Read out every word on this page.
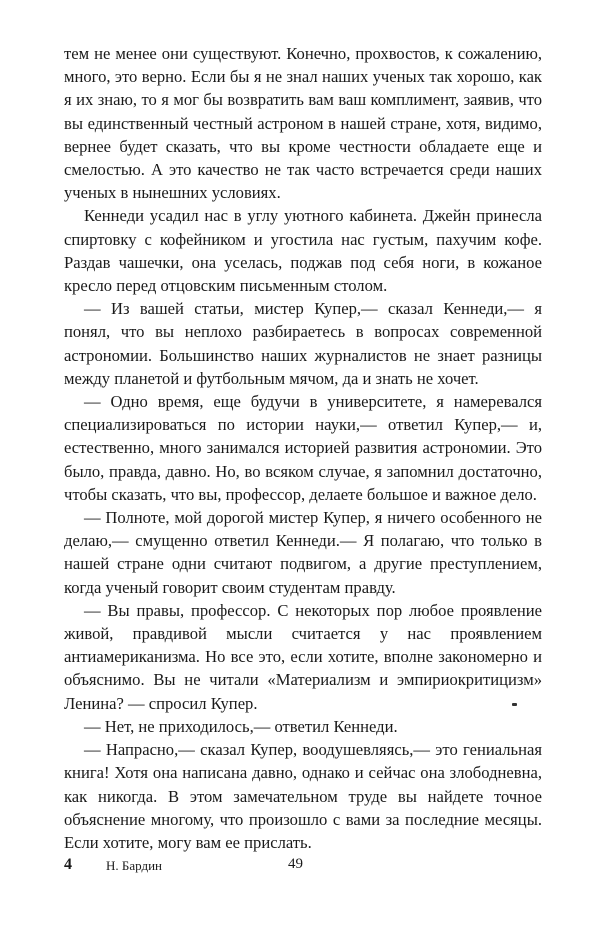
тем не менее они существуют. Конечно, прохвостов, к сожалению, много, это верно. Если бы я не знал наших ученых так хорошо, как я их знаю, то я мог бы возвратить вам ваш комплимент, заявив, что вы единственный честный астроном в нашей стране, хотя, видимо, вернее будет сказать, что вы кроме честности обладаете еще и смелостью. А это качество не так часто встречается среди наших ученых в нынешних условиях.

Кеннеди усадил нас в углу уютного кабинета. Джейн принесла спиртовку с кофейником и угостила нас густым, пахучим кофе. Раздав чашечки, она уселась, поджав под себя ноги, в кожаное кресло перед отцовским письменным столом.

— Из вашей статьи, мистер Купер,— сказал Кеннеди,— я понял, что вы неплохо разбираетесь в вопросах современной астрономии. Большинство наших журналистов не знает разницы между планетой и футбольным мячом, да и знать не хочет.

— Одно время, еще будучи в университете, я намеревался специализироваться по истории науки,— ответил Купер,— и, естественно, много занимался историей развития астрономии. Это было, правда, давно. Но, во всяком случае, я запомнил достаточно, чтобы сказать, что вы, профессор, делаете большое и важное дело.

— Полноте, мой дорогой мистер Купер, я ничего особенного не делаю,— смущенно ответил Кеннеди.— Я полагаю, что только в нашей стране одни считают подвигом, а другие преступлением, когда ученый говорит своим студентам правду.

— Вы правы, профессор. С некоторых пор любое проявление живой, правдивой мысли считается у нас проявлением антиамериканизма. Но все это, если хотите, вполне закономерно и объяснимо. Вы не читали «Материализм и эмпириокритицизм» Ленина? — спросил Купер.

— Нет, не приходилось,— ответил Кеннеди.

— Напрасно,— сказал Купер, воодушевляясь,— это гениальная книга! Хотя она написана давно, однако и сейчас она злободневна, как никогда. В этом замечательном труде вы найдете точное объяснение многому, что произошло с вами за последние месяцы. Если хотите, могу вам ее прислать.

4	Н. Бардин	49
